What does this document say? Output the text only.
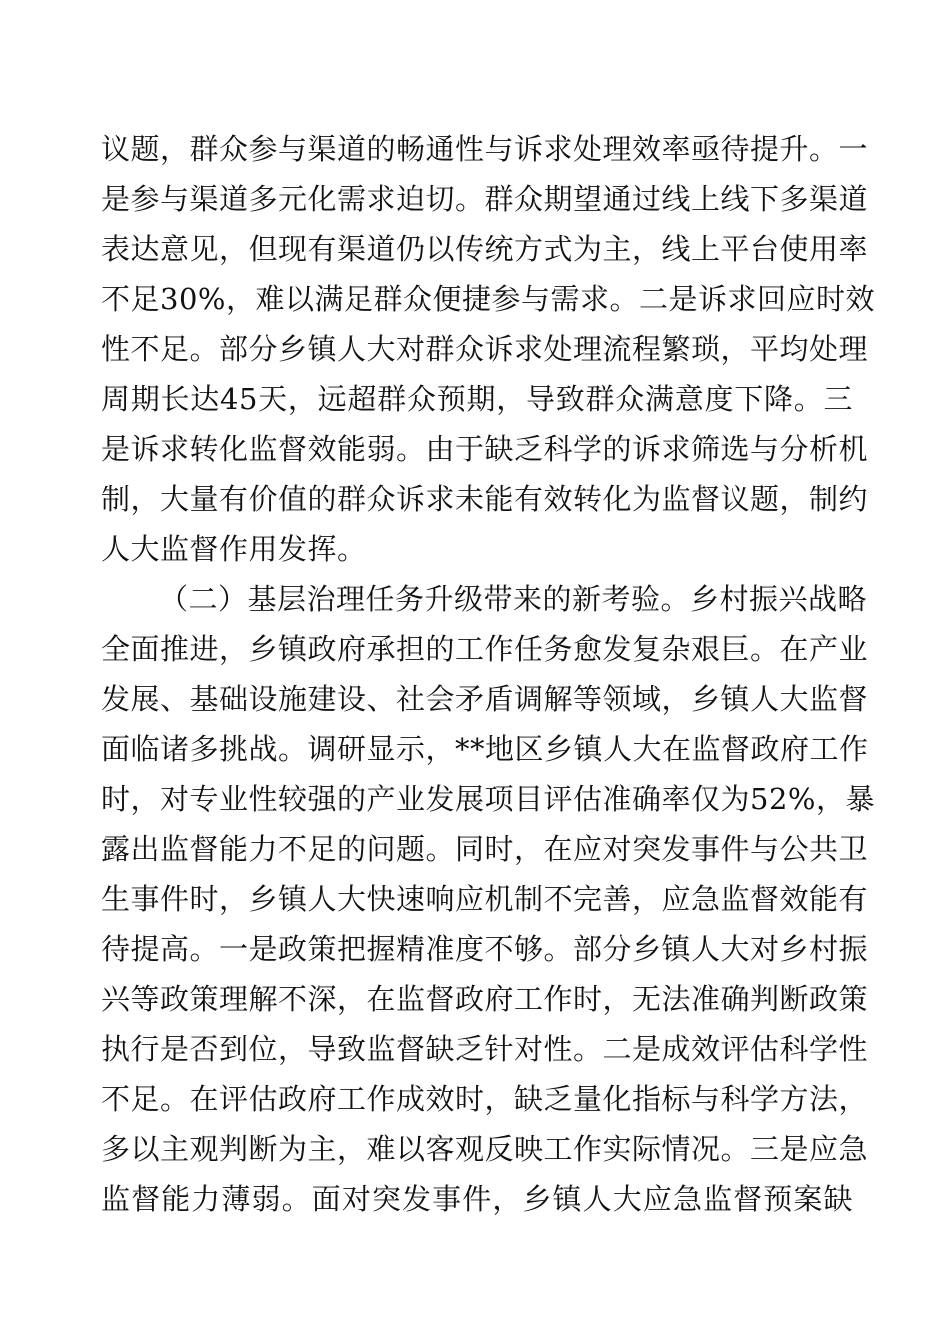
议题，群众参与渠道的畅通性与诉求处理效率亟待提升。一
是参与渠道多元化需求迫切。群众期望通过线上线下多渠道
表达意见，但现有渠道仍以传统方式为主，线上平台使用率
不足30%，难以满足群众便捷参与需求。二是诉求回应时效
性不足。部分乡镇人大对群众诉求处理流程繁琐，平均处理
周期长达45天，远超群众预期，导致群众满意度下降。三
是诉求转化监督效能弱。由于缺乏科学的诉求筛选与分析机
制，大量有价值的群众诉求未能有效转化为监督议题，制约
人大监督作用发挥。
（二）基层治理任务升级带来的新考验。乡村振兴战略
全面推进，乡镇政府承担的工作任务愈发复杂艰巨。在产业
发展、基础设施建设、社会矛盾调解等领域，乡镇人大监督
面临诸多挑战。调研显示，**地区乡镇人大在监督政府工作
时，对专业性较强的产业发展项目评估准确率仅为52%，暴
露出监督能力不足的问题。同时，在应对突发事件与公共卫
生事件时，乡镇人大快速响应机制不完善，应急监督效能有
待提高。一是政策把握精准度不够。部分乡镇人大对乡村振
兴等政策理解不深，在监督政府工作时，无法准确判断政策
执行是否到位，导致监督缺乏针对性。二是成效评估科学性
不足。在评估政府工作成效时，缺乏量化指标与科学方法，
多以主观判断为主，难以客观反映工作实际情况。三是应急
监督能力薄弱。面对突发事件，乡镇人大应急监督预案缺
